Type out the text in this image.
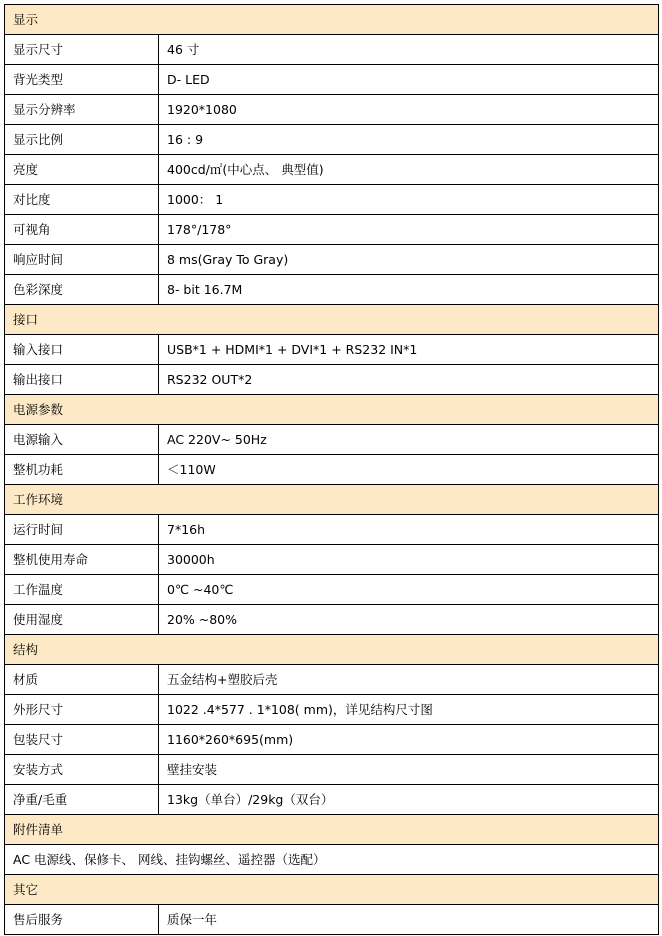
显示	
显示尺寸	46 寸
背光类型	D- LED
显示分辨率	1920*1080
显示比例	16 : 9
亮度	400cd/㎡(中心点、 典型值)
对比度	1000： 1
可视角	178°/178°
响应时间	8 ms(Gray To Gray)
色彩深度	8- bit 16.7M
接口	
输入接口	USB*1 + HDMI*1 + DVI*1 + RS232 IN*1
输出接口	RS232 OUT*2
电源参数	
电源输入	AC 220V~ 50Hz
整机功耗	＜110W
工作环境	
运行时间	7*16h
整机使用寿命	30000h
工作温度	0℃ ~40℃
使用湿度	20% ~80%
结构	
材质	五金结构+塑胶后壳
外形尺寸	1022 .4*577 . 1*108( mm)，详见结构尺寸图
包装尺寸	1160*260*695(mm)
安装方式	壁挂安装
净重/毛重	13kg（单台）/29kg（双台）
附件清单	
AC 电源线、保修卡、 网线、挂钩螺丝、遥控器（选配）	
其它	
售后服务	质保一年
